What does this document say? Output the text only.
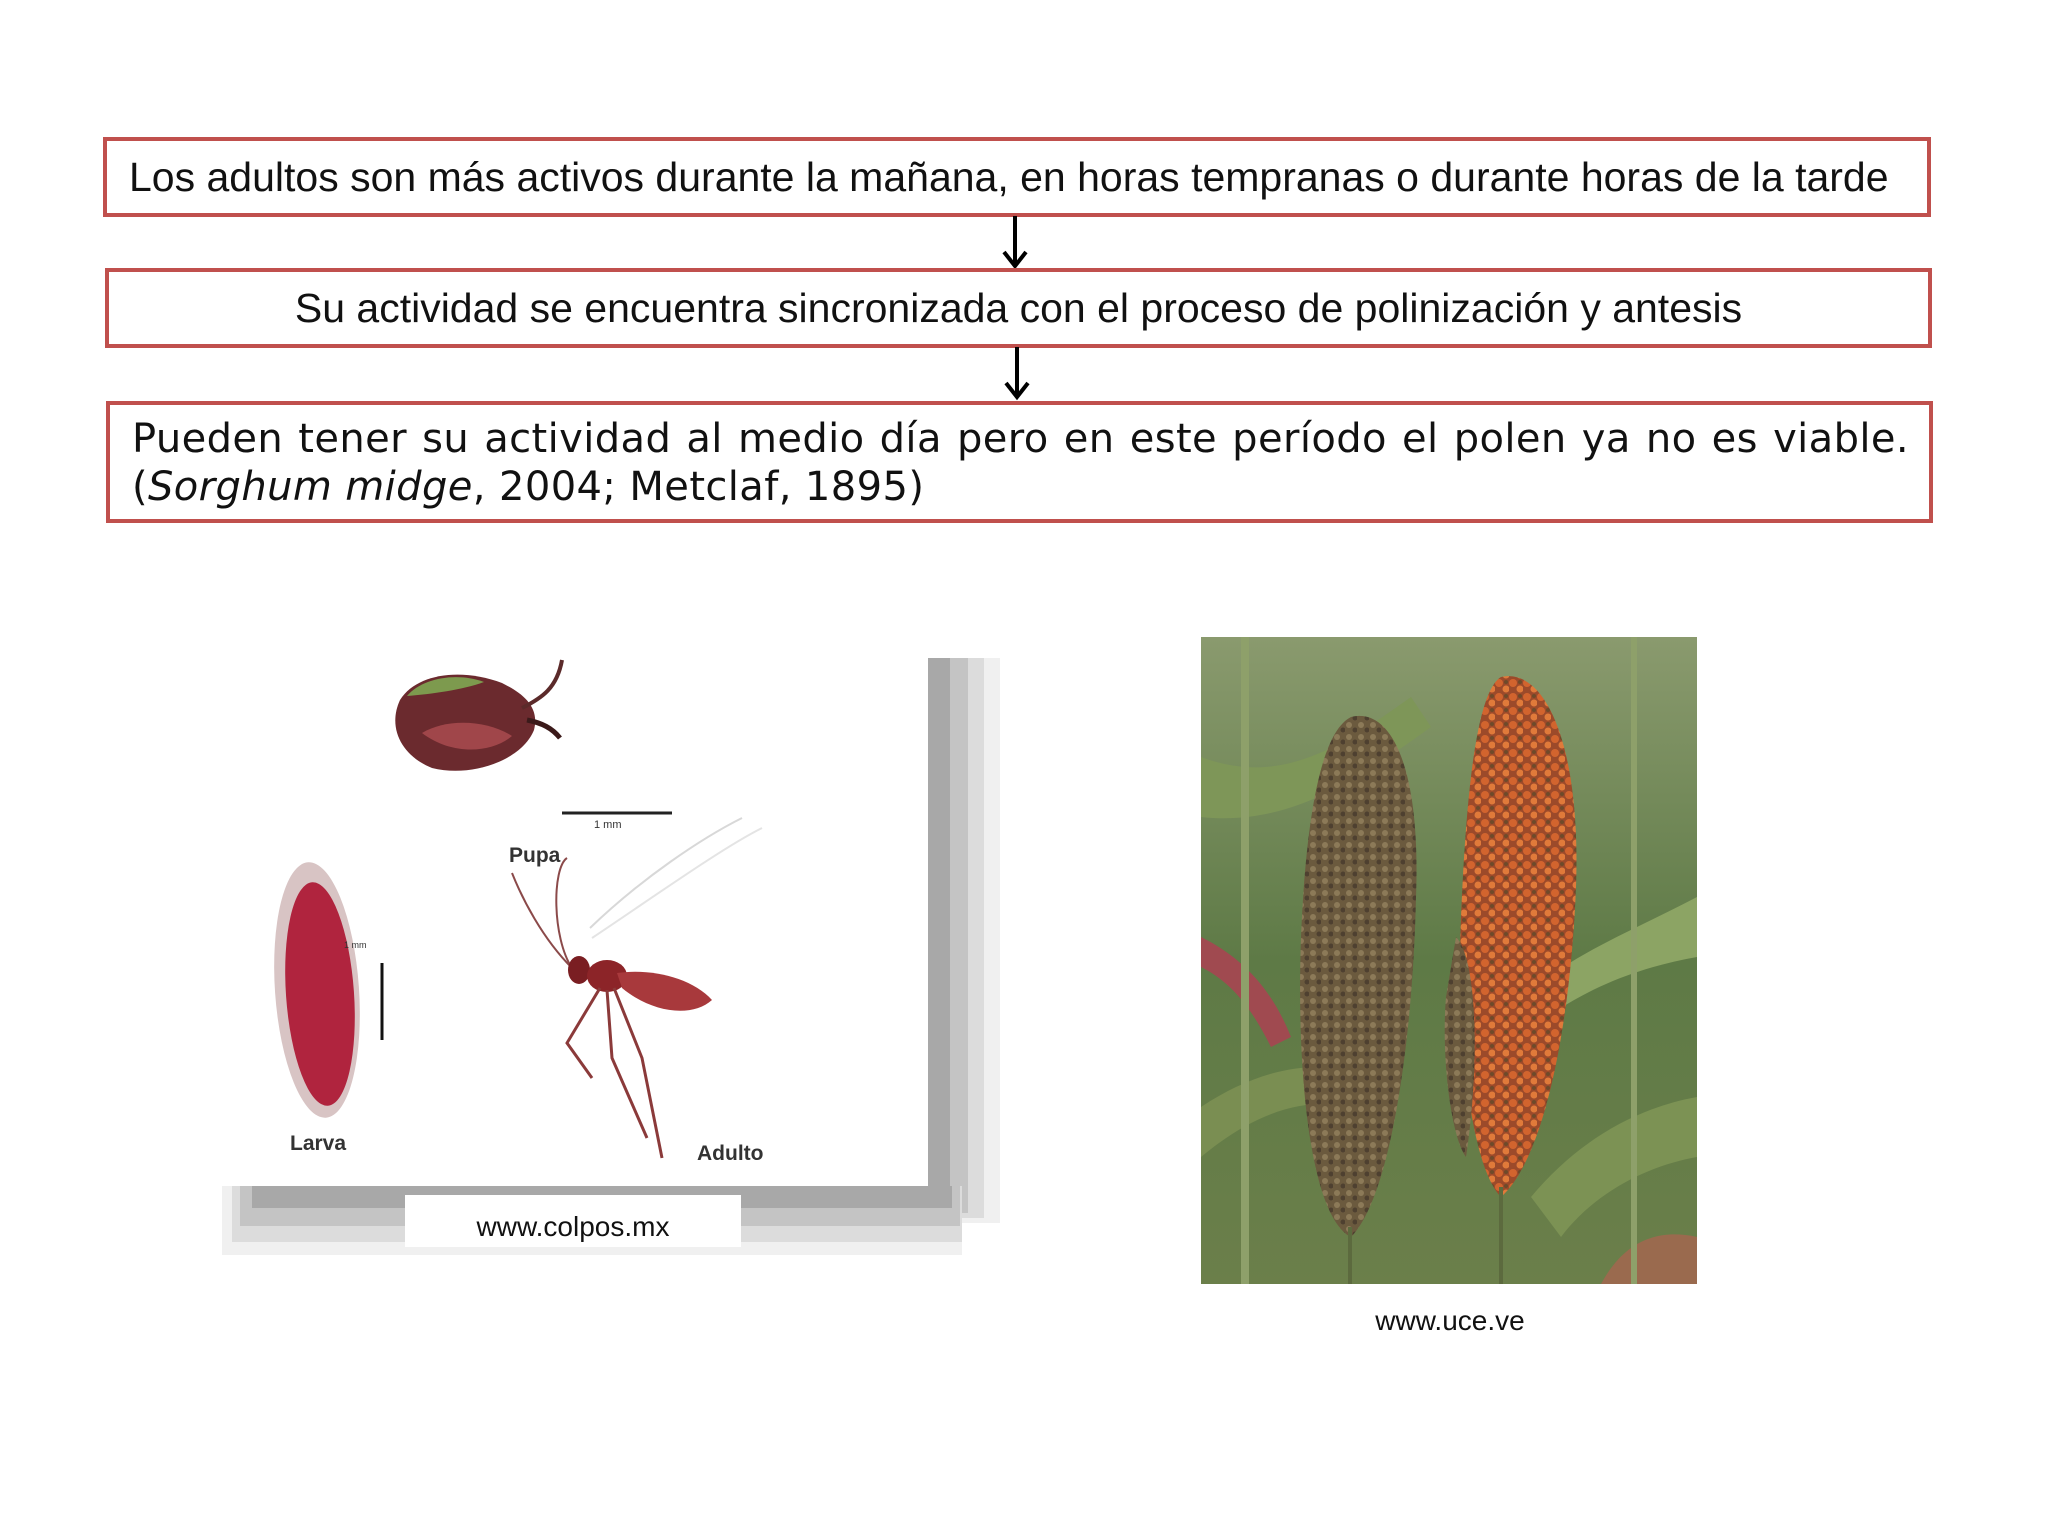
Los adultos son más activos durante la mañana, en horas tempranas o durante horas de la tarde
Su actividad se encuentra sincronizada con el proceso de polinización y antesis
Pueden tener su actividad al medio día pero en este período el polen ya no es viable. (Sorghum midge, 2004; Metclaf, 1895)
1 mm
Pupa
1 mm
Larva	Adulto
www.colpos.mx
www.uce.ve
